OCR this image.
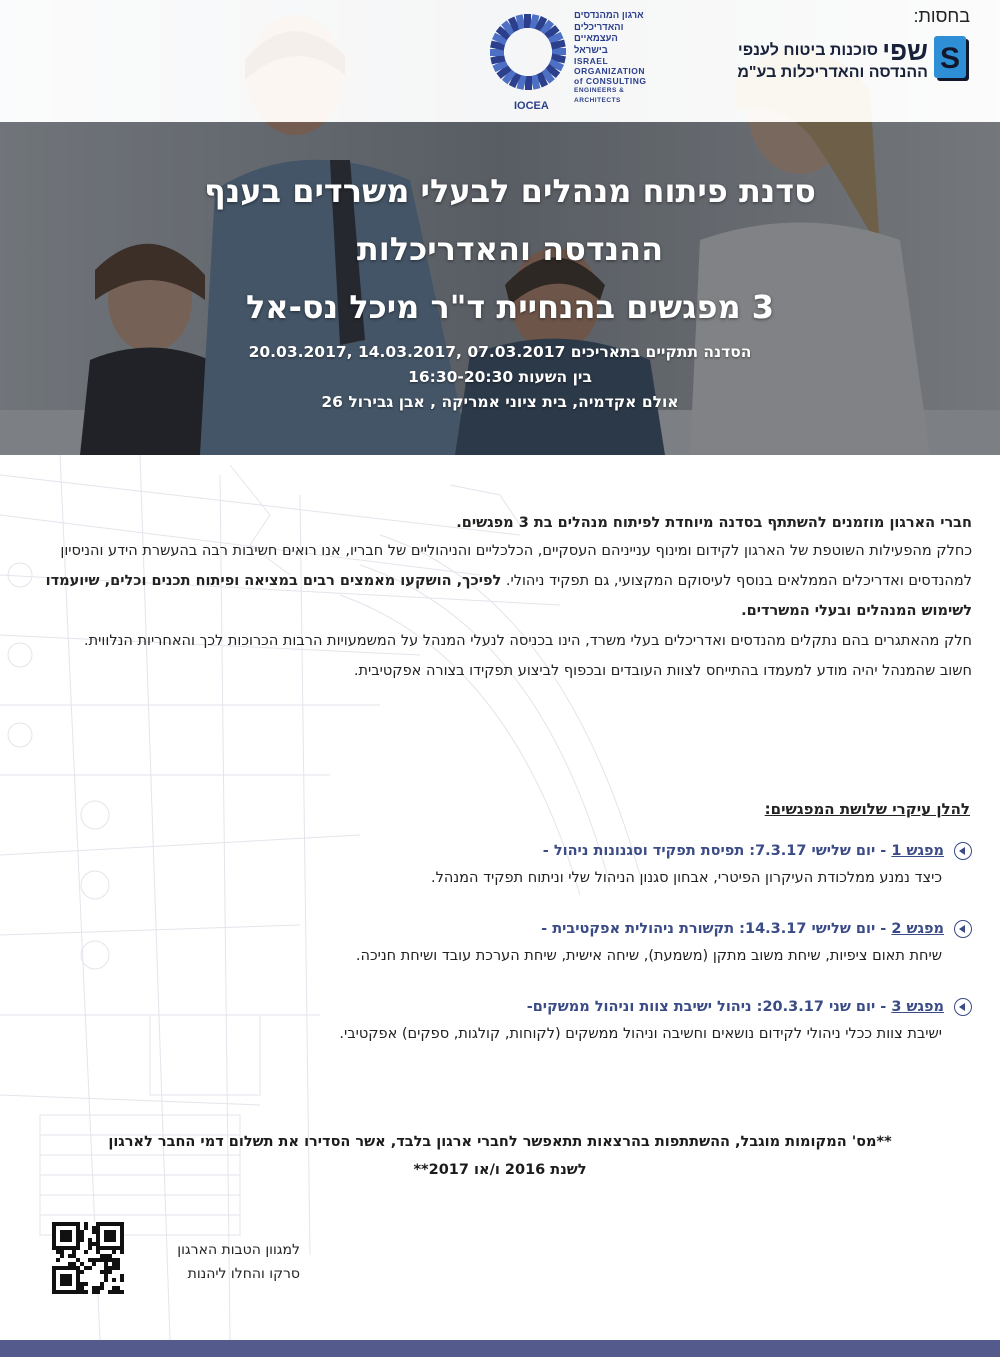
בחסות:
S
שפי
סוכנות ביטוח לענפי
ההנדסה והאדריכלות בע"מ
ארגון המהנדסים
והאדריכלים
העצמאיים
בישראל
ISRAEL
ORGANIZATION
of CONSULTING
ENGINEERS & ARCHITECTS
IOCEA
סדנת פיתוח מנהלים לבעלי משרדים בענף
ההנדסה והאדריכלות
3 מפגשים בהנחיית ד"ר מיכל נס-אל
הסדנה תתקיים בתאריכים 07.03.2017 ,14.03.2017 ,20.03.2017
בין השעות 16:30-20:30
אולם אקדמיה, בית ציוני אמריקה , אבן גבירול 26

חברי הארגון מוזמנים להשתתף בסדנה מיוחדת לפיתוח מנהלים בת 3 מפגשים.

כחלק מהפעילות השוטפת של הארגון לקידום ומינוף ענייניהם העסקיים, הכלכליים והניהוליים של חבריו, אנו רואים חשיבות רבה בהעשרת הידע והניסיון למהנדסים ואדריכלים הממלאים בנוסף לעיסוקם המקצועי, גם תפקיד ניהולי. לפיכך, הושקעו מאמצים רבים במציאה ופיתוח תכנים וכלים, שיועמדו לשימוש המנהלים ובעלי המשרדים.

חלק מהאתגרים בהם נתקלים מהנדסים ואדריכלים בעלי משרד, הינו בכניסה לנעלי המנהל על המשמעויות הרבות הכרוכות לכך והאחריות הנלווית.

חשוב שהמנהל יהיה מודע למעמדו בהתייחס לצוות העובדים ובכפוף לביצוע תפקידו בצורה אפקטיבית.

להלן עיקרי שלושת המפגשים:
מפגש 1 - יום שלישי 7.3.17: תפיסת תפקיד וסגנונות ניהול -
כיצד נמנע ממלכודת העיקרון הפיטרי, אבחון סגנון הניהול שלי וניתוח תפקיד המנהל.
מפגש 2 - יום שלישי 14.3.17: תקשורת ניהולית אפקטיבית -
שיחת תאום ציפיות, שיחת משוב מתקן (משמעת), שיחה אישית, שיחת הערכת עובד ושיחת חניכה.
מפגש 3 - יום שני 20.3.17: ניהול ישיבת צוות וניהול ממשקים-
ישיבת צוות ככלי ניהולי לקידום נושאים וחשיבה וניהול ממשקים (לקוחות, קולגות, ספקים) אפקטיבי.
**מס' המקומות מוגבל, ההשתתפות בהרצאות תתאפשר לחברי ארגון בלבד, אשר הסדירו את תשלום דמי החבר לארגון
לשנת 2016 ו/או 2017**
למגוון הטבות הארגון
סרקו והחלו ליהנות
